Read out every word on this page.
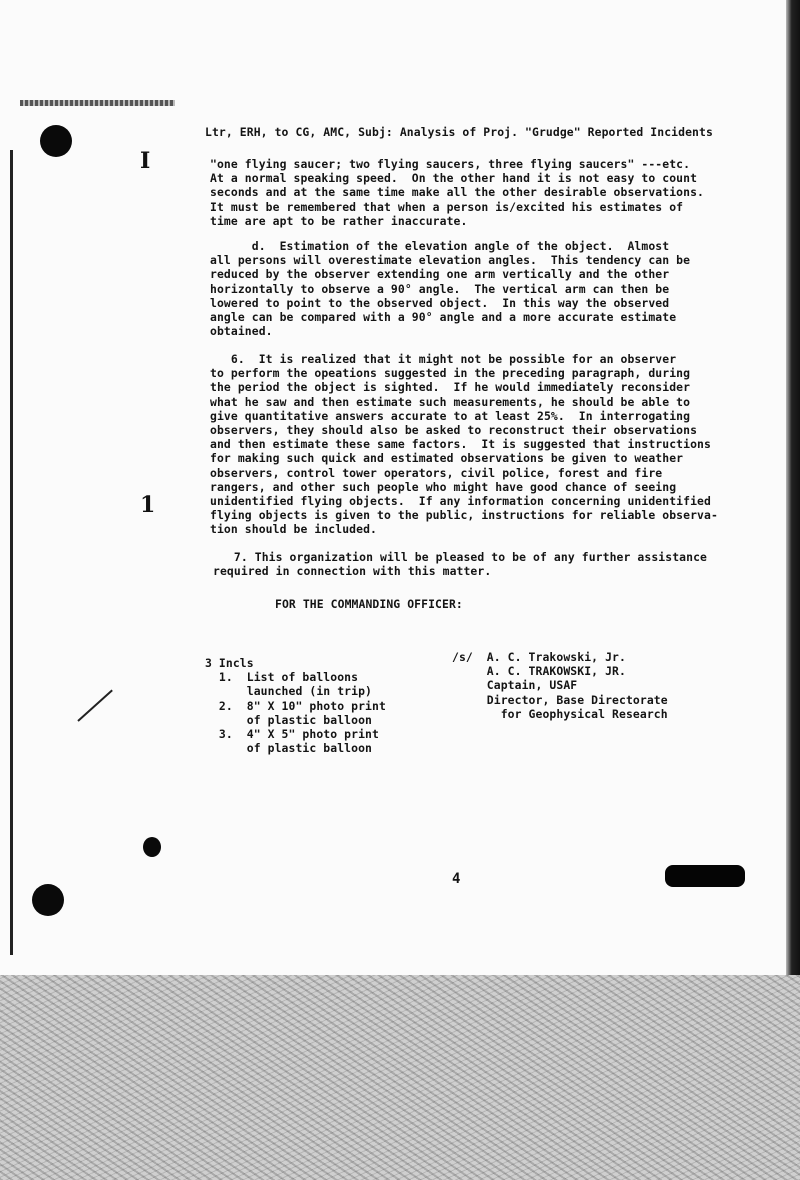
I
1
Ltr, ERH, to CG, AMC, Subj: Analysis of Proj. "Grudge" Reported Incidents
"one flying saucer; two flying saucers, three flying saucers" ---etc.
At a normal speaking speed.  On the other hand it is not easy to count
seconds and at the same time make all the other desirable observations.
It must be remembered that when a person is/excited his estimates of
time are apt to be rather inaccurate.
d.  Estimation of the elevation angle of the object.  Almost
all persons will overestimate elevation angles.  This tendency can be
reduced by the observer extending one arm vertically and the other
horizontally to observe a 90° angle.  The vertical arm can then be
lowered to point to the observed object.  In this way the observed
angle can be compared with a 90° angle and a more accurate estimate
obtained.
6.  It is realized that it might not be possible for an observer
to perform the opeations suggested in the preceding paragraph, during
the period the object is sighted.  If he would immediately reconsider
what he saw and then estimate such measurements, he should be able to
give quantitative answers accurate to at least 25%.  In interrogating
observers, they should also be asked to reconstruct their observations
and then estimate these same factors.  It is suggested that instructions
for making such quick and estimated observations be given to weather
observers, control tower operators, civil police, forest and fire
rangers, and other such people who might have good chance of seeing
unidentified flying objects.  If any information concerning unidentified
flying objects is given to the public, instructions for reliable observa-
tion should be included.
7. This organization will be pleased to be of any further assistance
required in connection with this matter.
FOR THE COMMANDING OFFICER:
3 Incls
1.  List of balloons
launched (in trip)
2.  8" X 10" photo print
of plastic balloon
3.  4" X 5" photo print
of plastic balloon
/s/  A. C. Trakowski, Jr.
A. C. TRAKOWSKI, JR.
Captain, USAF
Director, Base Directorate
for Geophysical Research
4
